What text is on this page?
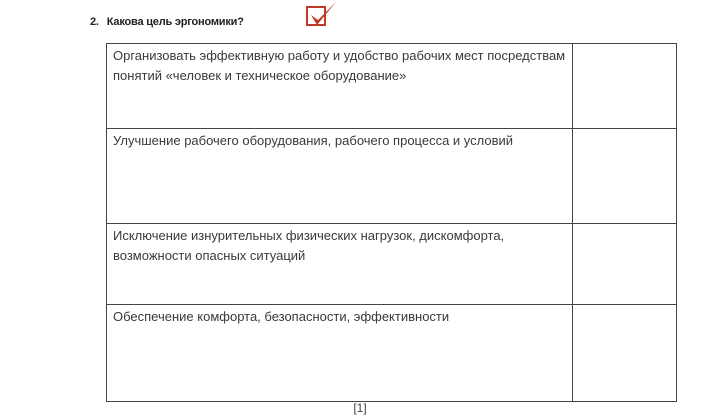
2. Какова цель эргономики?
Организовать эффективную работу и удобство рабочих мест посредствам понятий «человек и техническое оборудование»	
Улучшение рабочего оборудования, рабочего процесса и условий	
Исключение изнурительных физических нагрузок, дискомфорта, возможности опасных ситуаций	
Обеспечение комфорта, безопасности, эффективности	
[1]
